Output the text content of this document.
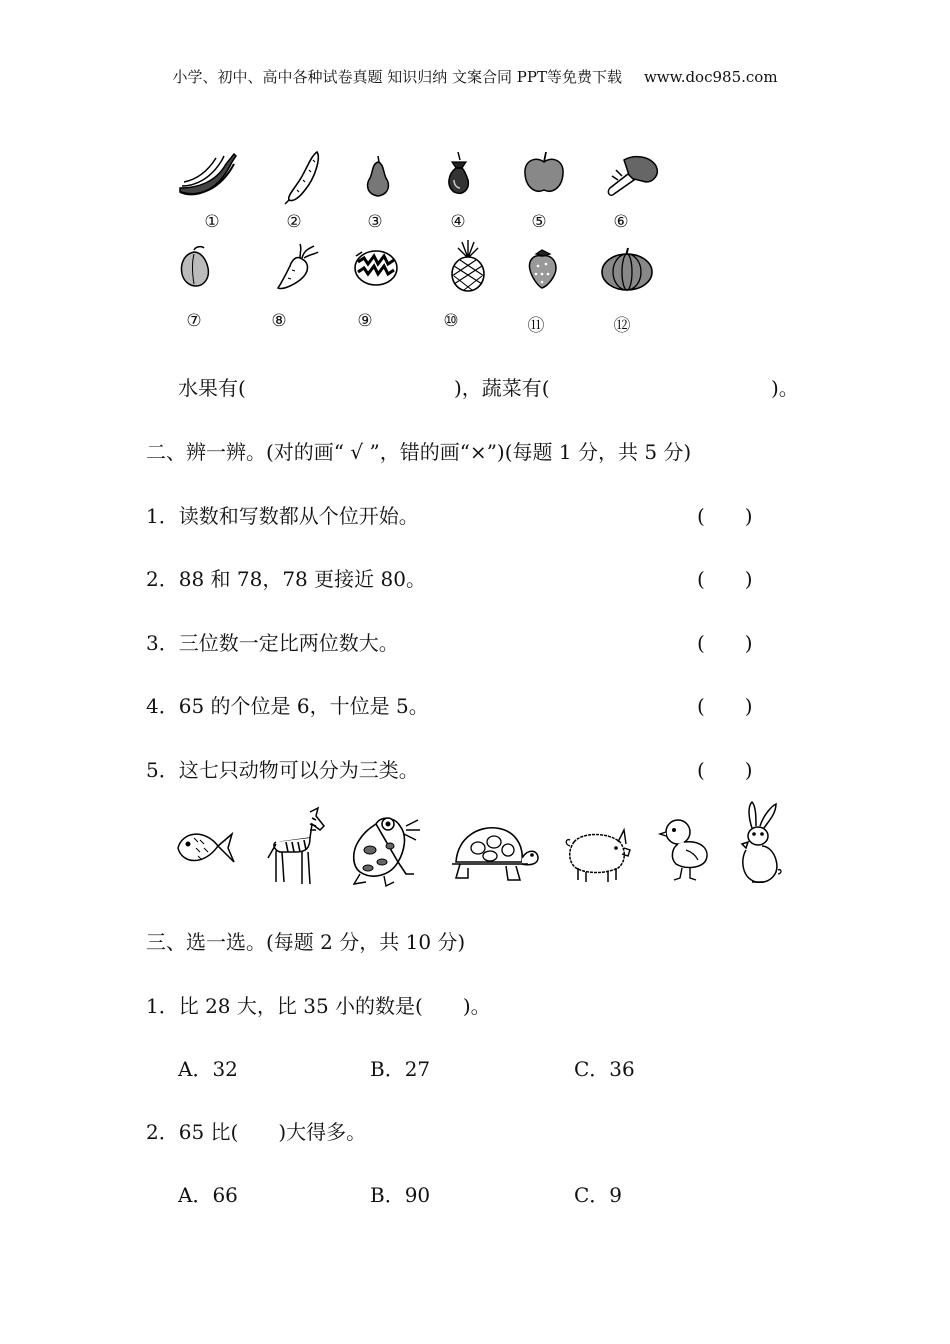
小学、初中、高中各种试卷真题 知识归纳 文案合同 PPT等免费下载 www.doc985.com
①	②	③	④	⑤	⑥
⑦	⑧	⑨	⑩	⑪	⑫
水果有(	)，蔬菜有(	)。
二、辨一辨。(对的画“ √ ”，错的画“×”)(每题 1 分，共 5 分)
1．读数和写数都从个位开始。	(　　)
2．88 和 78，78 更接近 80。	(　　)
3．三位数一定比两位数大。	(　　)
4．65 的个位是 6，十位是 5。	(　　)
5．这七只动物可以分为三类。	(　　)
三、选一选。(每题 2 分，共 10 分)
1．比 28 大，比 35 小的数是(　　)。
A．32	B．27	C．36
2．65 比(　　)大得多。
A．66	B．90	C．9
